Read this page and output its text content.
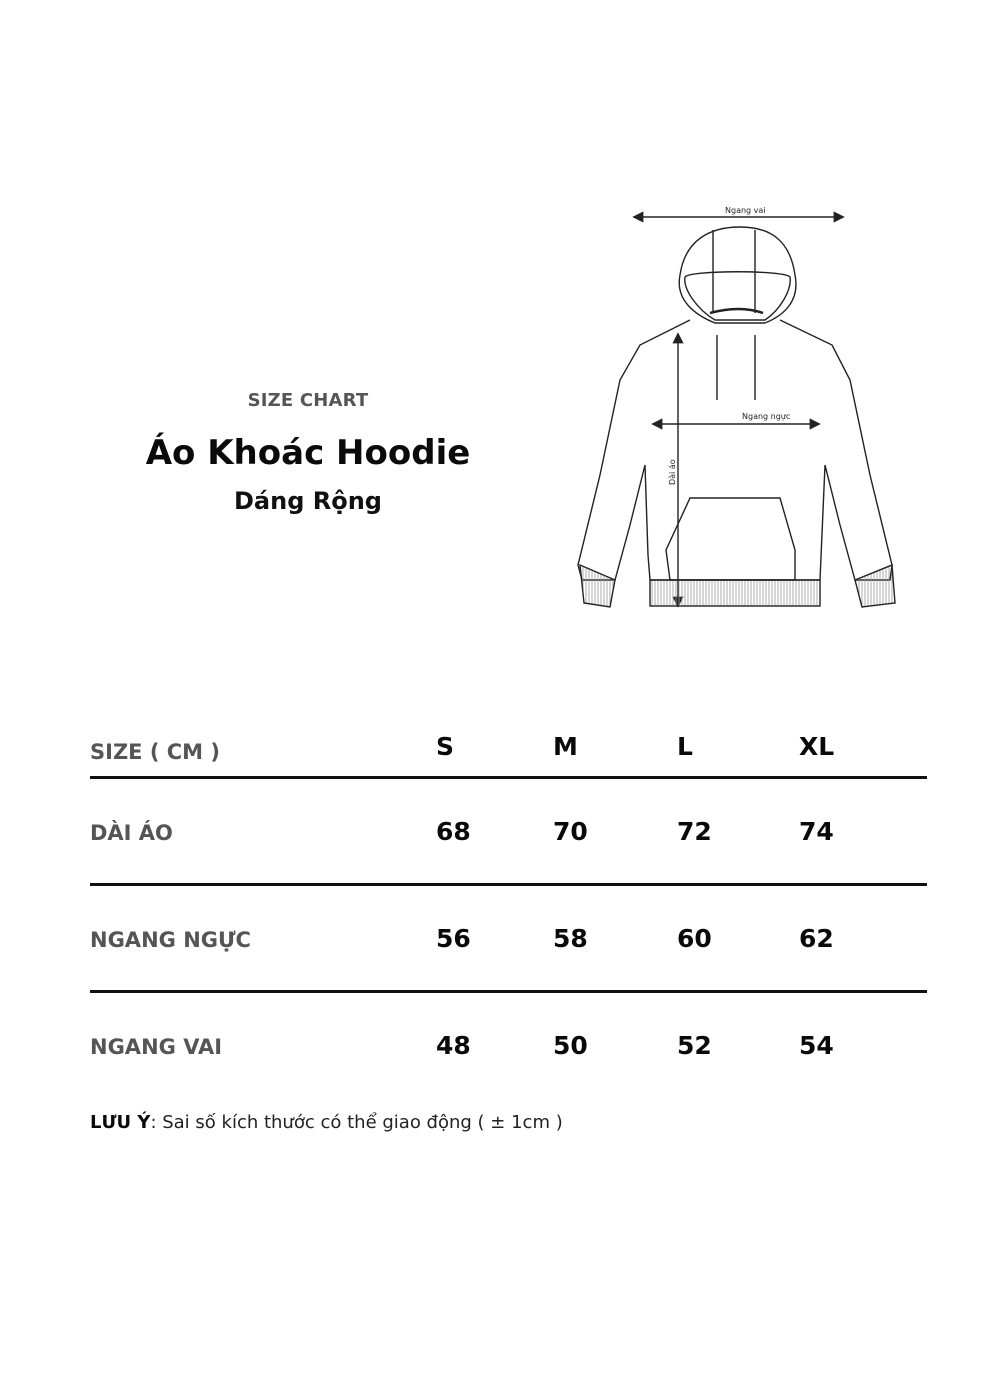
SIZE CHART
Áo Khoác Hoodie
Dáng Rộng
Ngang vai
Ngang ngực
Dài áo
SIZE ( CM )	S	M	L	XL
DÀI ÁO	68	70	72	74
NGANG NGỰC	56	58	60	62
NGANG VAI	48	50	52	54
LƯU Ý: Sai số kích thước có thể giao động ( ± 1cm )
